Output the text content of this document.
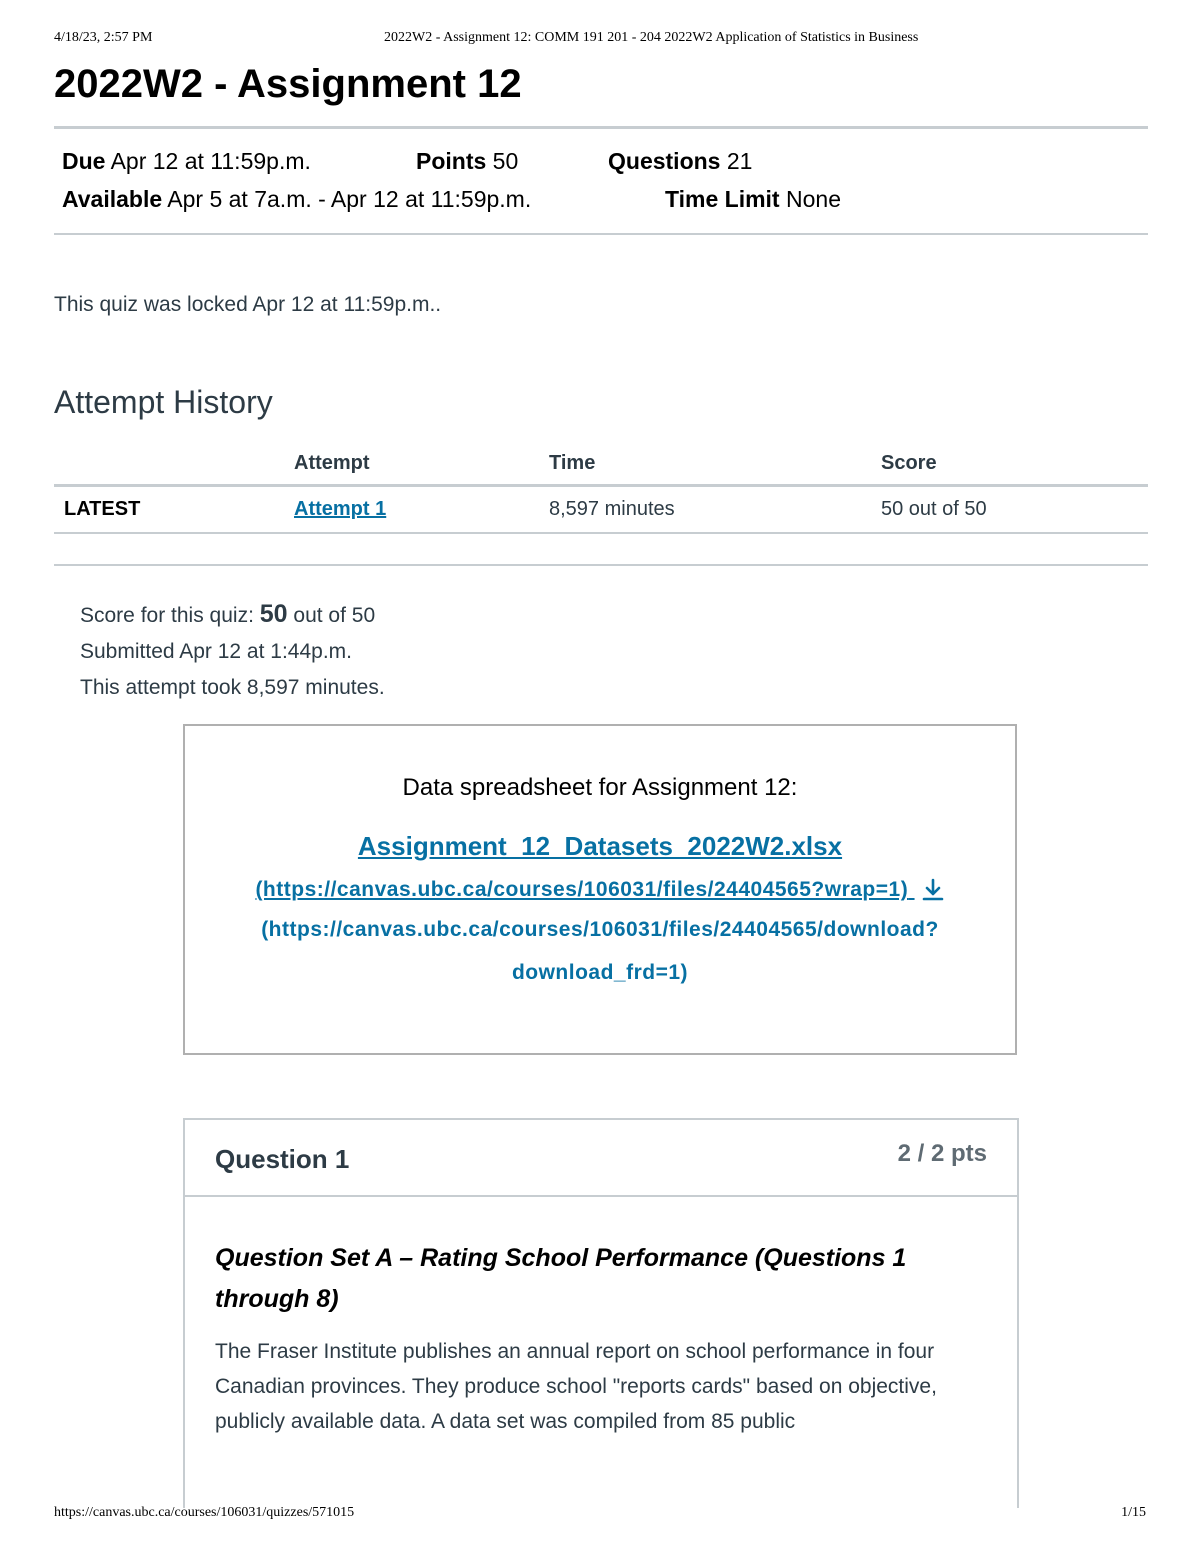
4/18/23, 2:57 PM	2022W2 - Assignment 12: COMM 191 201 - 204 2022W2 Application of Statistics in Business
2022W2 - Assignment 12
Due Apr 12 at 11:59p.m.	Points 50	Questions 21
Available Apr 5 at 7a.m. - Apr 12 at 11:59p.m.	Time Limit None
This quiz was locked Apr 12 at 11:59p.m..
Attempt History
	Attempt	Time	Score
LATEST	Attempt 1	8,597 minutes	50 out of 50
Score for this quiz: 50 out of 50
Submitted Apr 12 at 1:44p.m.
This attempt took 8,597 minutes.
Data spreadsheet for Assignment 12:
Assignment_12_Datasets_2022W2.xlsx
(https://canvas.ubc.ca/courses/106031/files/24404565?wrap=1)
(https://canvas.ubc.ca/courses/106031/files/24404565/download?
download_frd=1)
Question 1	2 / 2 pts

Question Set A – Rating School Performance (Questions 1 through 8)

The Fraser Institute publishes an annual report on school performance in four Canadian provinces. They produce school "reports cards" based on objective, publicly available data. A data set was compiled from 85 public
https://canvas.ubc.ca/courses/106031/quizzes/571015	1/15
